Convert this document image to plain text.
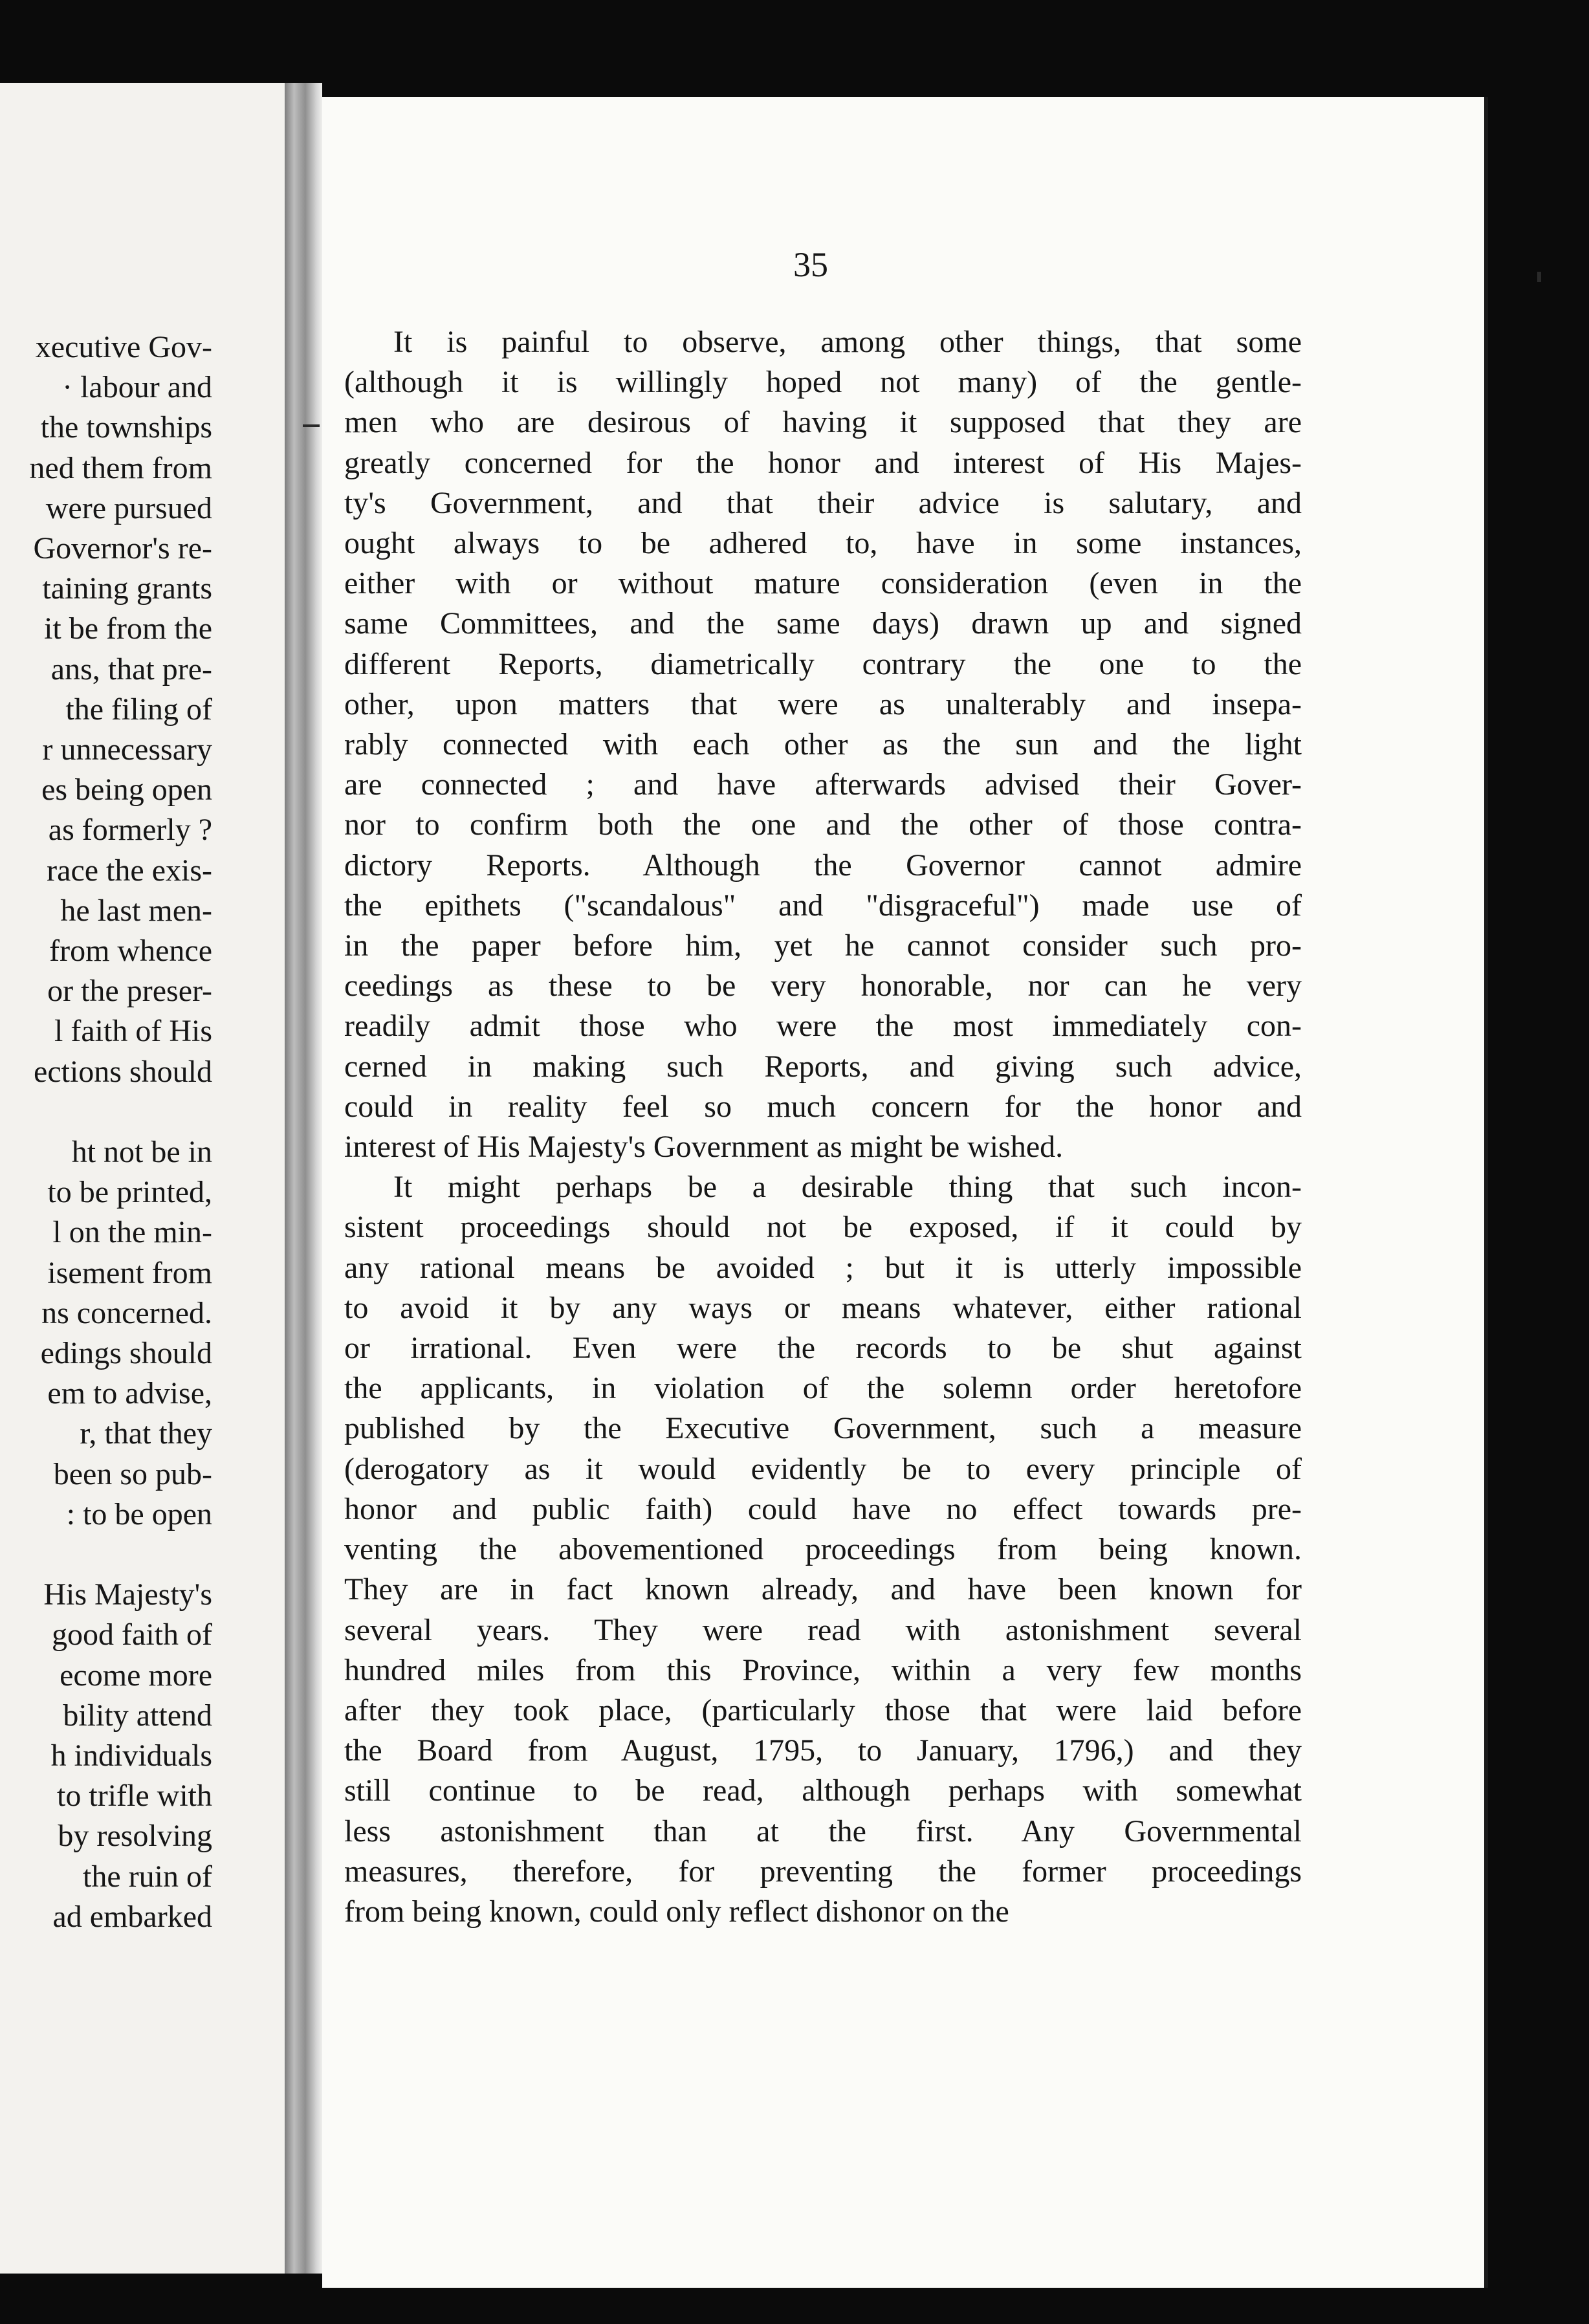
xecutive Gov-
· labour and
the townships
ned them from
were pursued
Governor's re-
taining grants
it be from the
ans, that pre-
the filing of
r unnecessary
es being open
as formerly ?
race the exis-
he last men-
from whence
or the preser-
l faith of His
ections should
ht not be in
to be printed,
l on the min-
isement from
ns concerned.
edings should
em to advise,
r, that they
been so pub-
: to be open
His Majesty's
good faith of
ecome more
bility attend
h individuals
to trifle with
by resolving
the ruin of
ad embarked
35
It is painful to observe, among other things, that some
(although it is willingly hoped not many) of the gentle-
men who are desirous of having it supposed that they are
greatly concerned for the honor and interest of His Majes-
ty's Government, and that their advice is salutary, and
ought always to be adhered to, have in some instances,
either with or without mature consideration (even in the
same Committees, and the same days) drawn up and signed
different Reports, diametrically contrary the one to the
other, upon matters that were as unalterably and insepa-
rably connected with each other as the sun and the light
are connected ; and have afterwards advised their Gover-
nor to confirm both the one and the other of those contra-
dictory Reports. Although the Governor cannot admire
the epithets ("scandalous" and "disgraceful") made use of
in the paper before him, yet he cannot consider such pro-
ceedings as these to be very honorable, nor can he very
readily admit those who were the most immediately con-
cerned in making such Reports, and giving such advice,
could in reality feel so much concern for the honor and
interest of His Majesty's Government as might be wished.
It might perhaps be a desirable thing that such incon-
sistent proceedings should not be exposed, if it could by
any rational means be avoided ; but it is utterly impossible
to avoid it by any ways or means whatever, either rational
or irrational. Even were the records to be shut against
the applicants, in violation of the solemn order heretofore
published by the Executive Government, such a measure
(derogatory as it would evidently be to every principle of
honor and public faith) could have no effect towards pre-
venting the abovementioned proceedings from being known.
They are in fact known already, and have been known for
several years. They were read with astonishment several
hundred miles from this Province, within a very few months
after they took place, (particularly those that were laid before
the Board from August, 1795, to January, 1796,) and they
still continue to be read, although perhaps with somewhat
less astonishment than at the first. Any Governmental
measures, therefore, for preventing the former proceedings
from being known, could only reflect dishonor on the
